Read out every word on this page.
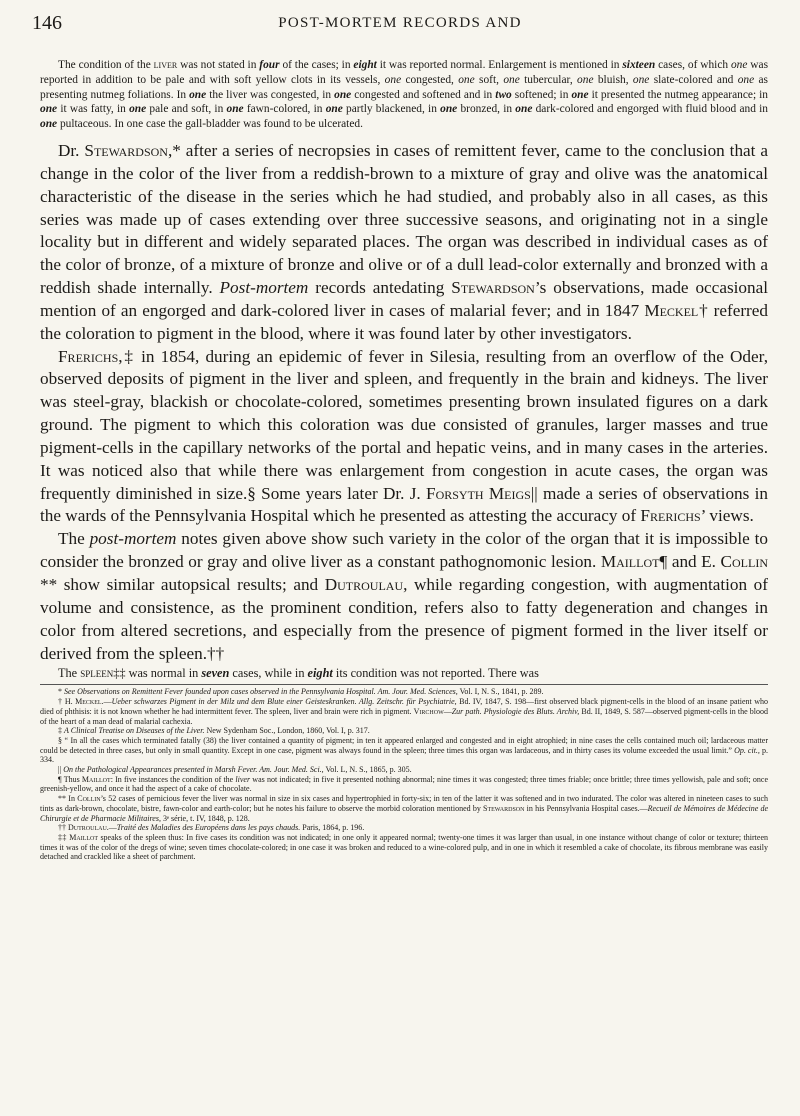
146	POST-MORTEM RECORDS AND

The condition of the liver was not stated in four of the cases; in eight it was reported normal. Enlargement is mentioned in sixteen cases, of which one was reported in addition to be pale and with soft yellow clots in its vessels, one congested, one soft, one tubercular, one bluish, one slate-colored and one as presenting nutmeg foliations. In one the liver was congested, in one congested and softened and in two softened; in one it presented the nutmeg appearance; in one it was fatty, in one pale and soft, in one fawn-colored, in one partly blackened, in one bronzed, in one dark-colored and engorged with fluid blood and in one pultaceous. In one case the gall-bladder was found to be ulcerated.

Dr. Stewardson,* after a series of necropsies in cases of remittent fever, came to the conclusion that a change in the color of the liver from a reddish-brown to a mixture of gray and olive was the anatomical characteristic of the disease in the series which he had studied, and probably also in all cases, as this series was made up of cases extending over three successive seasons, and originating not in a single locality but in different and widely separated places. The organ was described in individual cases as of the color of bronze, of a mixture of bronze and olive or of a dull lead-color externally and bronzed with a reddish shade internally. Post-mortem records antedating Stewardson’s observations, made occasional mention of an engorged and dark-colored liver in cases of malarial fever; and in 1847 Meckel† referred the coloration to pigment in the blood, where it was found later by other investigators.

Frerichs,‡ in 1854, during an epidemic of fever in Silesia, resulting from an overflow of the Oder, observed deposits of pigment in the liver and spleen, and frequently in the brain and kidneys. The liver was steel-gray, blackish or chocolate-colored, sometimes presenting brown insulated figures on a dark ground. The pigment to which this coloration was due consisted of granules, larger masses and true pigment-cells in the capillary networks of the portal and hepatic veins, and in many cases in the arteries. It was noticed also that while there was enlargement from congestion in acute cases, the organ was frequently diminished in size.§ Some years later Dr. J. Forsyth Meigs|| made a series of observations in the wards of the Pennsylvania Hospital which he presented as attesting the accuracy of Frerichs’ views.

The post-mortem notes given above show such variety in the color of the organ that it is impossible to consider the bronzed or gray and olive liver as a constant pathognomonic lesion. Maillot¶ and E. Collin ** show similar autopsical results; and Dutroulau, while regarding congestion, with augmentation of volume and consistence, as the prominent condition, refers also to fatty degeneration and changes in color from altered secretions, and especially from the presence of pigment formed in the liver itself or derived from the spleen.††

The spleen‡‡ was normal in seven cases, while in eight its condition was not reported. There was

* See Observations on Remittent Fever founded upon cases observed in the Pennsylvania Hospital. Am. Jour. Med. Sciences, Vol. I, N. S., 1841, p. 289.

† H. Meckel.—Ueber schwarzes Pigment in der Milz und dem Blute einer Geisteskranken. Allg. Zeitschr. für Psychiatrie, Bd. IV, 1847, S. 198—first observed black pigment-cells in the blood of an insane patient who died of phthisis: it is not known whether he had intermittent fever. The spleen, liver and brain were rich in pigment. Virchow—Zur path. Physiologie des Bluts. Archiv, Bd. II, 1849, S. 587—observed pigment-cells in the blood of the heart of a man dead of malarial cachexia.

‡ A Clinical Treatise on Diseases of the Liver. New Sydenham Soc., London, 1860, Vol. I, p. 317.

§ “ In all the cases which terminated fatally (38) the liver contained a quantity of pigment; in ten it appeared enlarged and congested and in eight atrophied; in nine cases the cells contained much oil; lardaceous matter could be detected in three cases, but only in small quantity. Except in one case, pigment was always found in the spleen; three times this organ was lardaceous, and in thirty cases its volume exceeded the usual limit.” Op. cit., p. 334.

|| On the Pathological Appearances presented in Marsh Fever. Am. Jour. Med. Sci., Vol. L, N. S., 1865, p. 305.

¶ Thus Maillot: In five instances the condition of the liver was not indicated; in five it presented nothing abnormal; nine times it was congested; three times friable; once brittle; three times yellowish, pale and soft; once greenish-yellow, and once it had the aspect of a cake of chocolate.

** In Collin’s 52 cases of pernicious fever the liver was normal in size in six cases and hypertrophied in forty-six; in ten of the latter it was softened and in two indurated. The color was altered in nineteen cases to such tints as dark-brown, chocolate, bistre, fawn-color and earth-color; but he notes his failure to observe the morbid coloration mentioned by Stewardson in his Pennsylvania Hospital cases.—Recueil de Mémoires de Médecine de Chirurgie et de Pharmacie Militaires, 3ᵉ série, t. IV, 1848, p. 128.

†† Dutroulau.—Traité des Maladies des Européens dans les pays chauds. Paris, 1864, p. 196.

‡‡ Maillot speaks of the spleen thus: In five cases its condition was not indicated; in one only it appeared normal; twenty-one times it was larger than usual, in one instance without change of color or texture; thirteen times it was of the color of the dregs of wine; seven times chocolate-colored; in one case it was broken and reduced to a wine-colored pulp, and in one in which it resembled a cake of chocolate, its fibrous membrane was easily detached and crackled like a sheet of parchment.
